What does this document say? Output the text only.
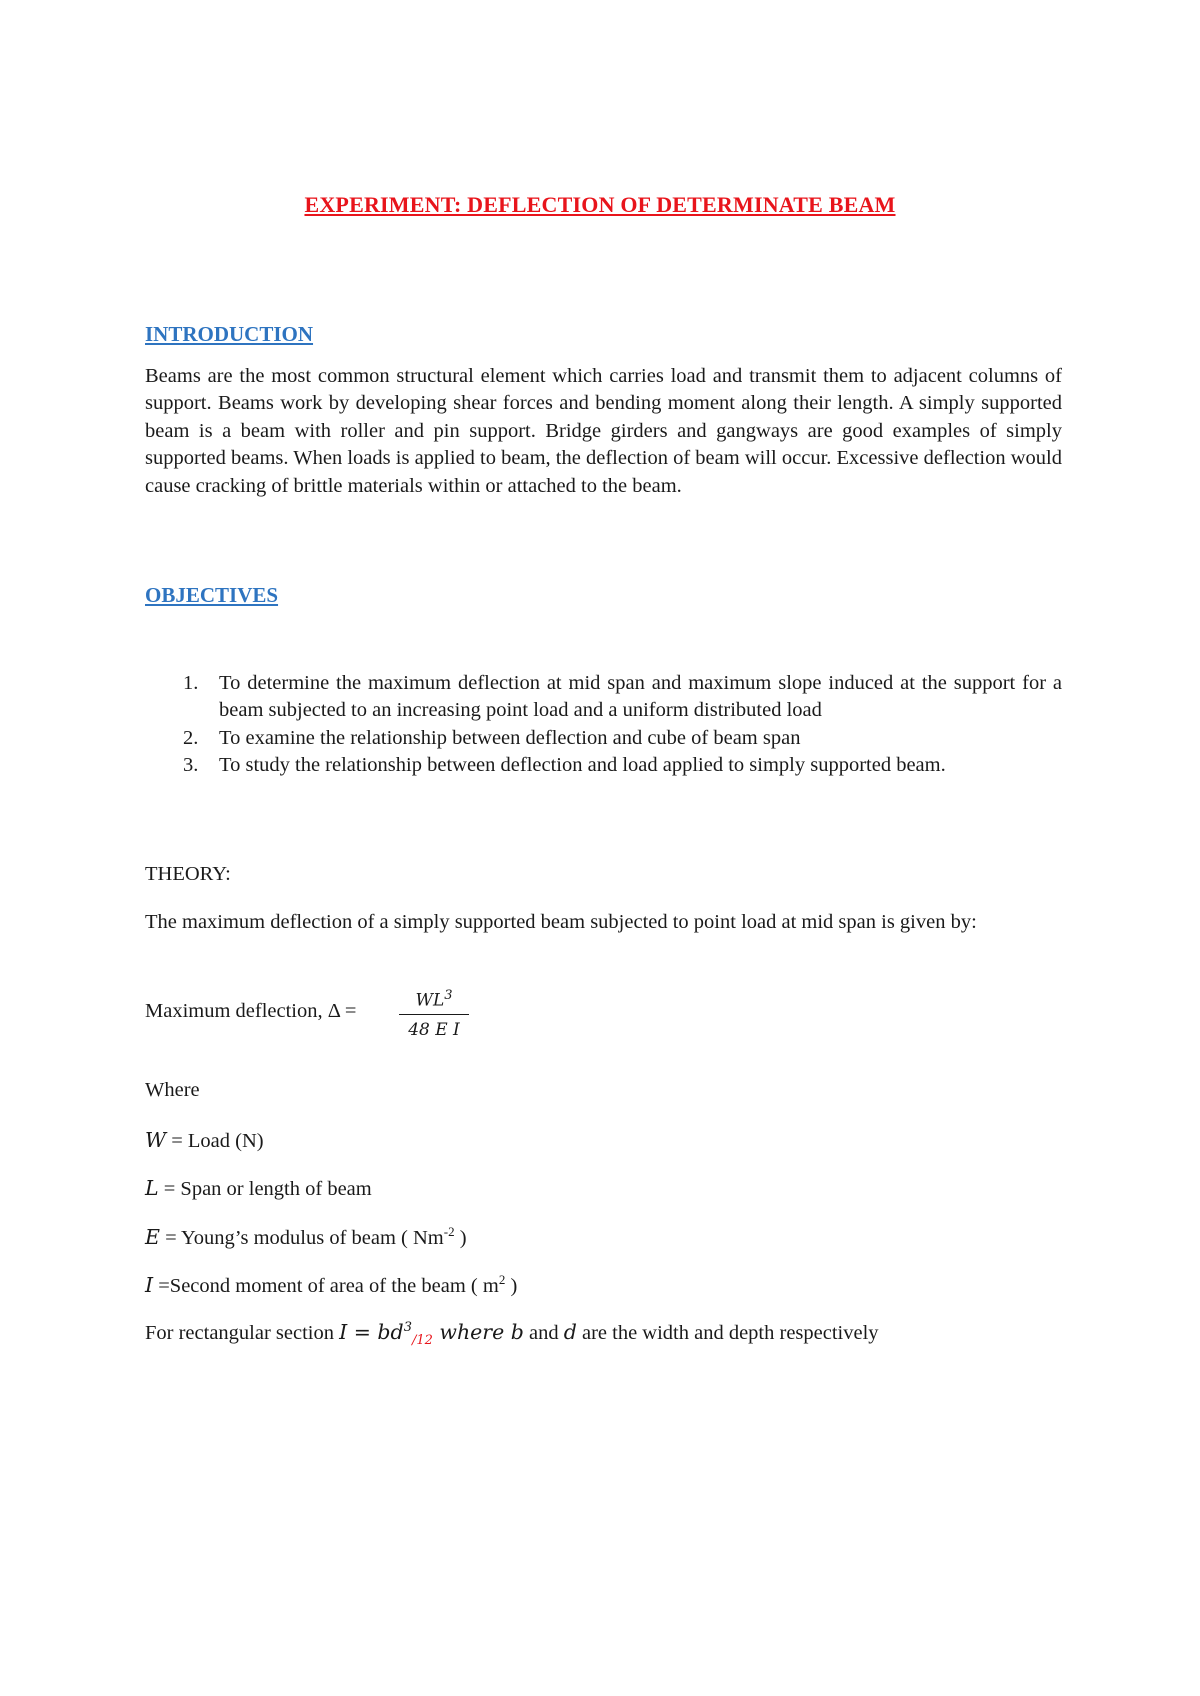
EXPERIMENT: DEFLECTION OF DETERMINATE BEAM
INTRODUCTION
Beams are the most common structural element which carries load and transmit them to adjacent columns of support. Beams work by developing shear forces and bending moment along their length. A simply supported beam is a beam with roller and pin support. Bridge girders and gangways are good examples of simply supported beams. When loads is applied to beam, the deflection of beam will occur. Excessive deflection would cause cracking of brittle materials within or attached to the beam.
OBJECTIVES
1. To determine the maximum deflection at mid span and maximum slope induced at the support for a beam subjected to an increasing point load and a uniform distributed load
2. To examine the relationship between deflection and cube of beam span
3. To study the relationship between deflection and load applied to simply supported beam.
THEORY:
The maximum deflection of a simply supported beam subjected to point load at mid span is given by:
Maximum deflection, Δ =	$WL^3$
48 E I
Where
W = Load (N)
L = Span or length of beam
E = Young’s modulus of beam ( $Nm^{-2}$ )
I =Second moment of area of the beam ( $m^2$ )
For rectangular section $I = bd^3_{/12}$ where b and d are the width and depth respectively
